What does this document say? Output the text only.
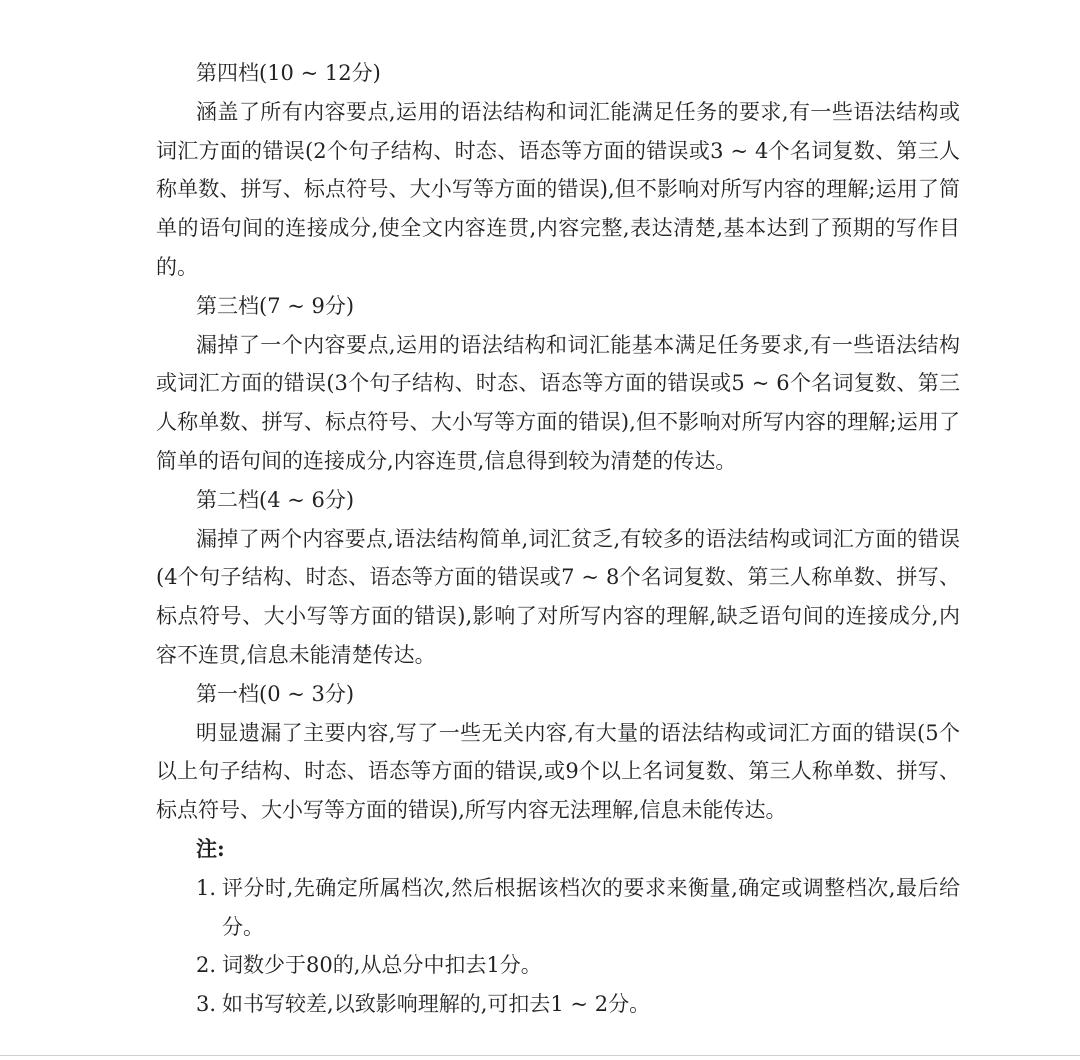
第四档(10 ~ 12分)

涵盖了所有内容要点,运用的语法结构和词汇能满足任务的要求,有一些语法结构或词汇方面的错误(2个句子结构、时态、语态等方面的错误或3 ~ 4个名词复数、第三人称单数、拼写、标点符号、大小写等方面的错误),但不影响对所写内容的理解;运用了简单的语句间的连接成分,使全文内容连贯,内容完整,表达清楚,基本达到了预期的写作目的。

第三档(7 ~ 9分)

漏掉了一个内容要点,运用的语法结构和词汇能基本满足任务要求,有一些语法结构或词汇方面的错误(3个句子结构、时态、语态等方面的错误或5 ~ 6个名词复数、第三人称单数、拼写、标点符号、大小写等方面的错误),但不影响对所写内容的理解;运用了简单的语句间的连接成分,内容连贯,信息得到较为清楚的传达。

第二档(4 ~ 6分)

漏掉了两个内容要点,语法结构简单,词汇贫乏,有较多的语法结构或词汇方面的错误(4个句子结构、时态、语态等方面的错误或7 ~ 8个名词复数、第三人称单数、拼写、标点符号、大小写等方面的错误),影响了对所写内容的理解,缺乏语句间的连接成分,内容不连贯,信息未能清楚传达。

第一档(0 ~ 3分)

明显遗漏了主要内容,写了一些无关内容,有大量的语法结构或词汇方面的错误(5个以上句子结构、时态、语态等方面的错误,或9个以上名词复数、第三人称单数、拼写、标点符号、大小写等方面的错误),所写内容无法理解,信息未能传达。

注:
1. 评分时,先确定所属档次,然后根据该档次的要求来衡量,确定或调整档次,最后给分。
2. 词数少于80的,从总分中扣去1分。
3. 如书写较差,以致影响理解的,可扣去1 ~ 2分。
